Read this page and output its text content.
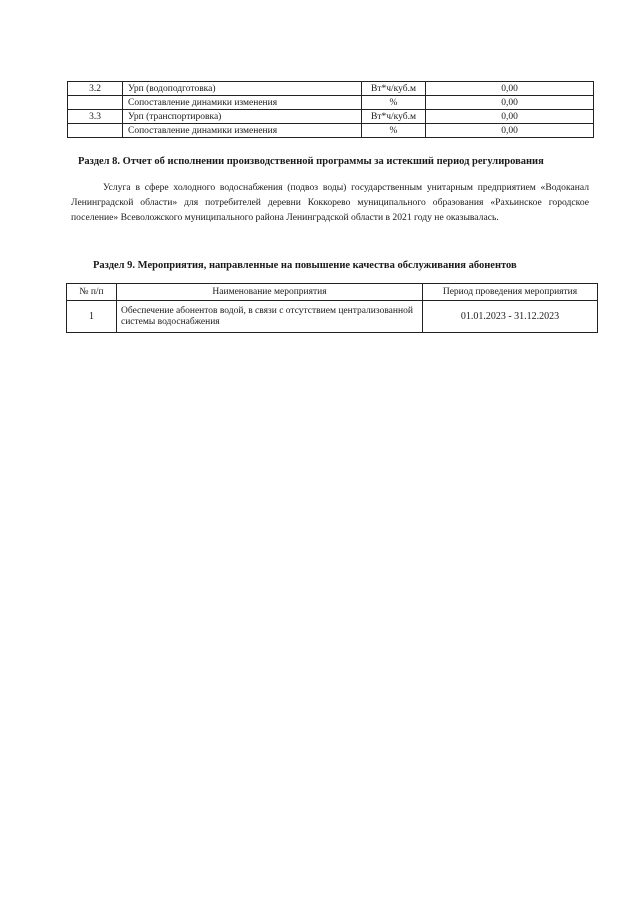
3.2	Урп (водоподготовка)	Вт*ч/куб.м	0,00
	Сопоставление динамики изменения	%	0,00
3.3	Урп (транспортировка)	Вт*ч/куб.м	0,00
	Сопоставление динамики изменения	%	0,00
Раздел 8. Отчет об исполнении производственной программы за истекший период регулирования

Услуга в сфере холодного водоснабжения (подвоз воды) государственным унитарным предприятием «Водоканал Ленинградской области» для потребителей деревни Коккорево муниципального образования «Рахьинское городское поселение» Всеволожского муниципального района Ленинградской области в 2021 году не оказывалась.

Раздел 9. Мероприятия, направленные на повышение качества обслуживания абонентов
№ п/п	Наименование мероприятия	Период проведения мероприятия
1	Обеспечение абонентов водой, в связи с отсутствием централизованной системы водоснабжения	01.01.2023 - 31.12.2023
